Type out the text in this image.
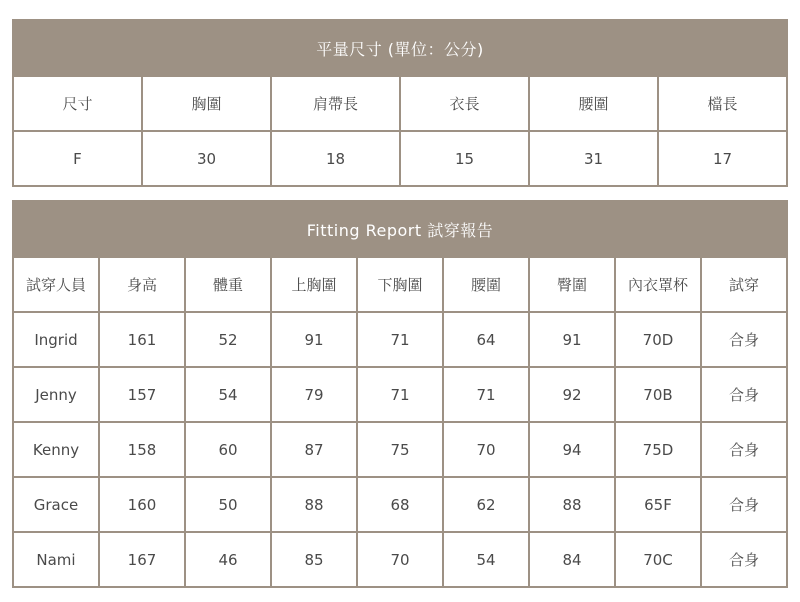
平量尺寸 (單位：公分)					
尺寸	胸圍	肩帶長	衣長	腰圍	檔長
F	30	18	15	31	17
Fitting Report 試穿報告								
試穿人員	身高	體重	上胸圍	下胸圍	腰圍	臀圍	內衣罩杯	試穿
Ingrid	161	52	91	71	64	91	70D	合身
Jenny	157	54	79	71	71	92	70B	合身
Kenny	158	60	87	75	70	94	75D	合身
Grace	160	50	88	68	62	88	65F	合身
Nami	167	46	85	70	54	84	70C	合身
